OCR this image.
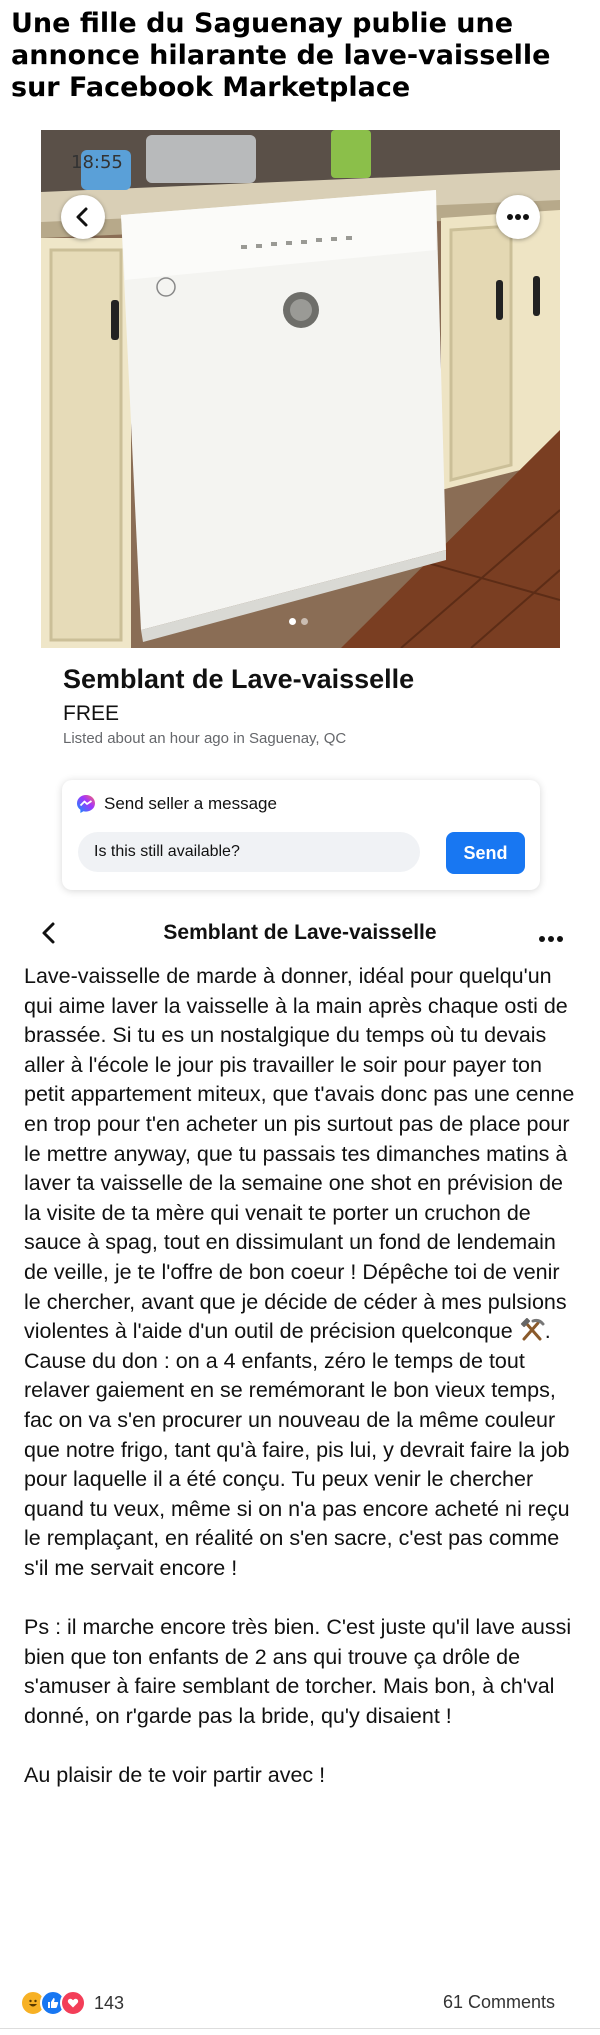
Une fille du Saguenay publie une annonce hilarante de lave-vaisselle sur Facebook Marketplace
18:55
Semblant de Lave-vaisselle
FREE
Listed about an hour ago in Saguenay, QC
Send seller a message
Is this still available?
Send
Semblant de Lave-vaisselle

Lave-vaisselle de marde à donner, idéal pour quelqu'un qui aime laver la vaisselle à la main après chaque osti de brassée. Si tu es un nostalgique du temps où tu devais aller à l'école le jour pis travailler le soir pour payer ton petit appartement miteux, que t'avais donc pas une cenne en trop pour t'en acheter un pis surtout pas de place pour le mettre anyway, que tu passais tes dimanches matins à laver ta vaisselle de la semaine one shot en prévision de la visite de ta mère qui venait te porter un cruchon de sauce à spag, tout en dissimulant un fond de lendemain de veille, je te l'offre de bon coeur ! Dépêche toi de venir le chercher, avant que je décide de céder à mes pulsions violentes à l'aide d'un outil de précision quelconque . Cause du don : on a 4 enfants, zéro le temps de tout relaver gaiement en se remémorant le bon vieux temps, fac on va s'en procurer un nouveau de la même couleur que notre frigo, tant qu'à faire, pis lui, y devrait faire la job pour laquelle il a été conçu. Tu peux venir le chercher quand tu veux, même si on n'a pas encore acheté ni reçu le remplaçant, en réalité on s'en sacre, c'est pas comme s'il me servait encore !

Ps : il marche encore très bien. C'est juste qu'il lave aussi bien que ton enfants de 2 ans qui trouve ça drôle de s'amuser à faire semblant de torcher. Mais bon, à ch'val donné, on r'garde pas la bride, qu'y disaient !

Au plaisir de te voir partir avec !

143	61 Comments
